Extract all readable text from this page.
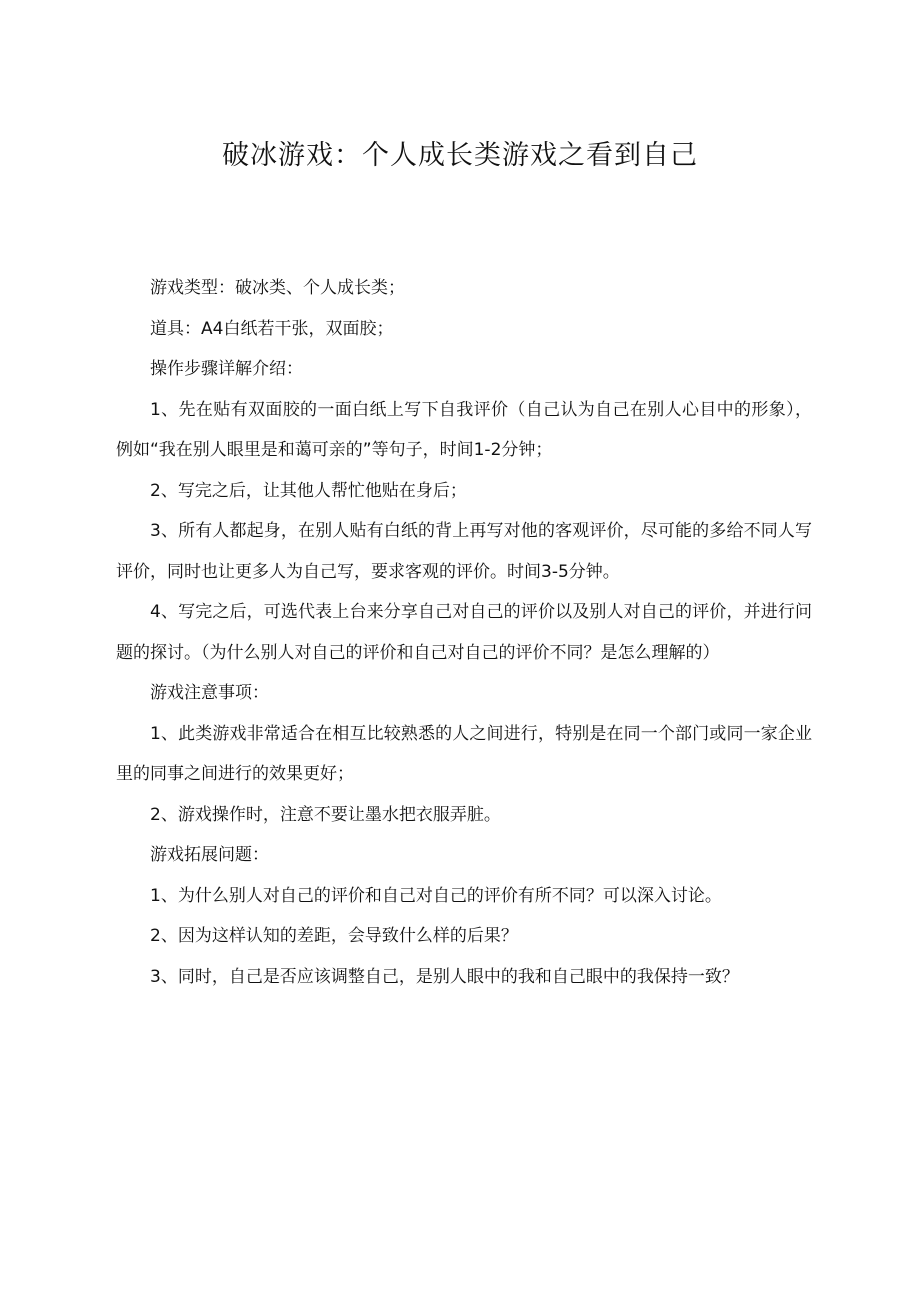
破冰游戏：个人成长类游戏之看到自己

游戏类型：破冰类、个人成长类；

道具：A4白纸若干张，双面胶；

操作步骤详解介绍：

1、先在贴有双面胶的一面白纸上写下自我评价（自己认为自己在别人心目中的形象），例如“我在别人眼里是和蔼可亲的”等句子，时间1-2分钟；

2、写完之后，让其他人帮忙他贴在身后；

3、所有人都起身，在别人贴有白纸的背上再写对他的客观评价，尽可能的多给不同人写评价，同时也让更多人为自己写，要求客观的评价。时间3-5分钟。

4、写完之后，可选代表上台来分享自己对自己的评价以及别人对自己的评价，并进行问题的探讨。（为什么别人对自己的评价和自己对自己的评价不同？是怎么理解的）

游戏注意事项：

1、此类游戏非常适合在相互比较熟悉的人之间进行，特别是在同一个部门或同一家企业里的同事之间进行的效果更好；

2、游戏操作时，注意不要让墨水把衣服弄脏。

游戏拓展问题：

1、为什么别人对自己的评价和自己对自己的评价有所不同？可以深入讨论。

2、因为这样认知的差距，会导致什么样的后果？

3、同时，自己是否应该调整自己，是别人眼中的我和自己眼中的我保持一致？
